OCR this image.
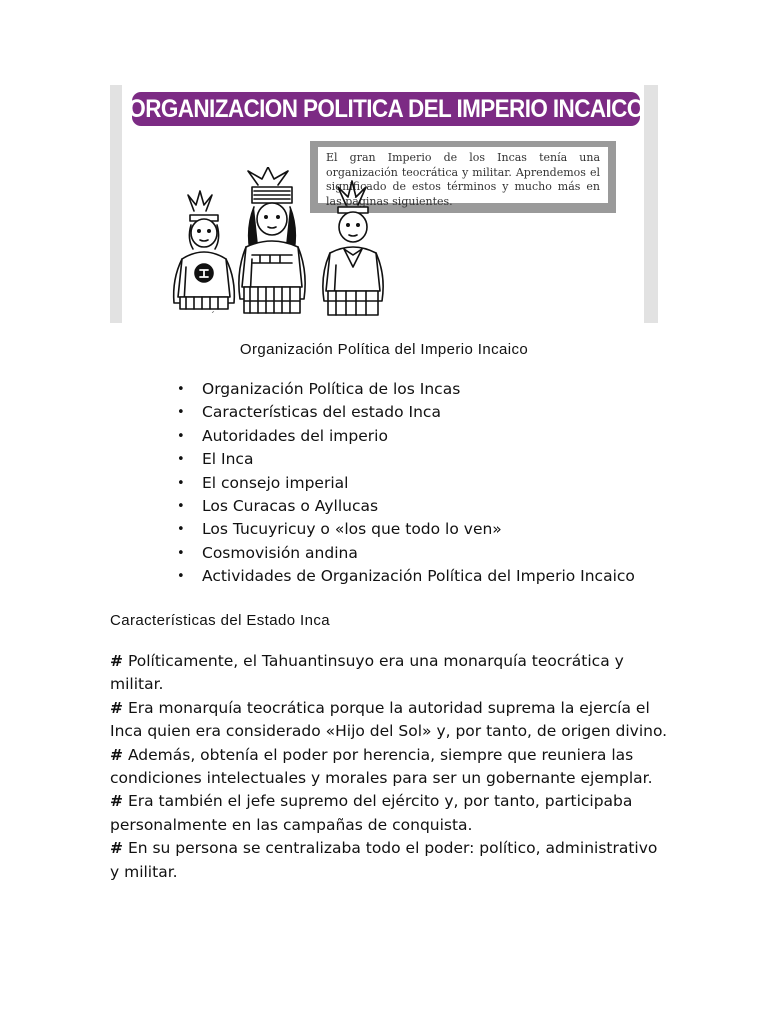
ORGANIZACION POLITICA DEL IMPERIO INCAICO
El gran Imperio de los Incas tenía una organización teocrática y militar. Aprendemos el significado de estos términos y mucho más en las páginas siguientes.
´
Organización Política del Imperio Incaico
• Organización Política de los Incas
• Características del estado Inca
• Autoridades del imperio
• El Inca
• El consejo imperial
• Los Curacas o Ayllucas
• Los Tucuyricuy o «los que todo lo ven»
• Cosmovisión andina
• Actividades de Organización Política del Imperio Incaico
Características del Estado Inca

# Políticamente, el Tahuantinsuyo era una monarquía teocrática y militar.

# Era monarquía teocrática porque la autoridad suprema la ejercía el Inca quien era considerado «Hijo del Sol» y, por tanto, de origen divino.

# Además, obtenía el poder por herencia, siempre que reuniera las condiciones intelectuales y morales para ser un gobernante ejemplar.

# Era también el jefe supremo del ejército y, por tanto, participaba personalmente en las campañas de conquista.

# En su persona se centralizaba todo el poder: político, administrativo y militar.
